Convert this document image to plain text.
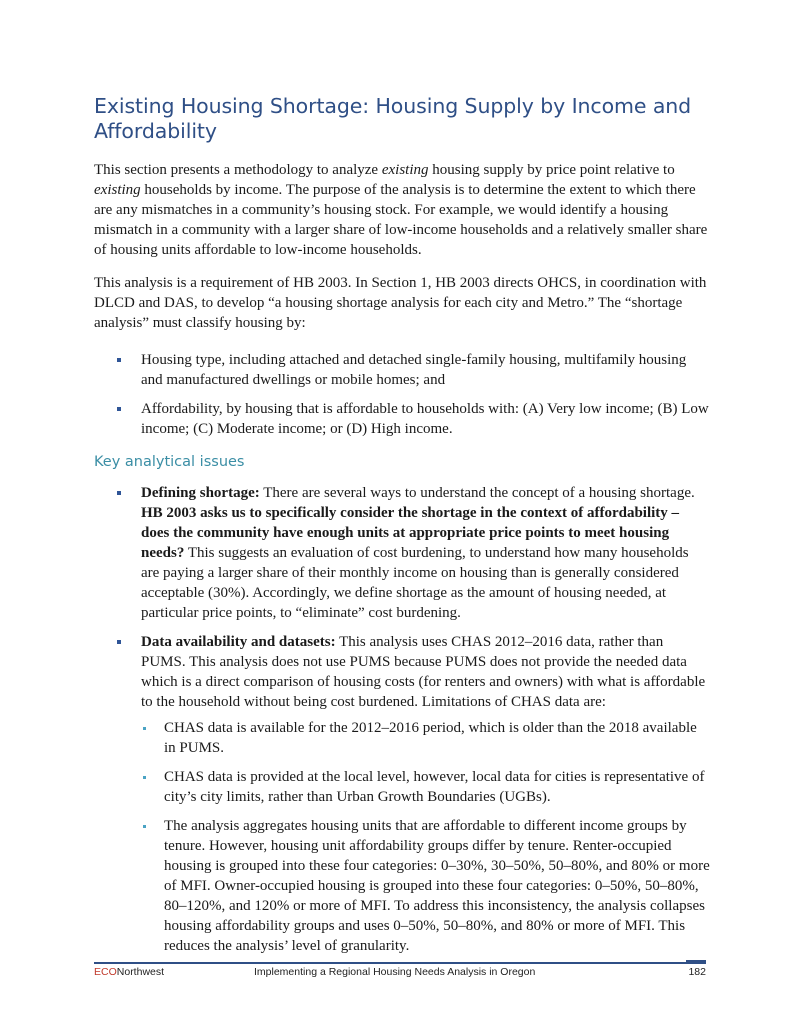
Existing Housing Shortage: Housing Supply by Income and Affordability

This section presents a methodology to analyze existing housing supply by price point relative to existing households by income. The purpose of the analysis is to determine the extent to which there are any mismatches in a community’s housing stock. For example, we would identify a housing mismatch in a community with a larger share of low-income households and a relatively smaller share of housing units affordable to low-income households.

This analysis is a requirement of HB 2003. In Section 1, HB 2003 directs OHCS, in coordination with DLCD and DAS, to develop “a housing shortage analysis for each city and Metro.” The “shortage analysis” must classify housing by:

Housing type, including attached and detached single-family housing, multifamily housing and manufactured dwellings or mobile homes; and
Affordability, by housing that is affordable to households with: (A) Very low income; (B) Low income; (C) Moderate income; or (D) High income.
Key analytical issues
Defining shortage: There are several ways to understand the concept of a housing shortage. HB 2003 asks us to specifically consider the shortage in the context of affordability – does the community have enough units at appropriate price points to meet housing needs? This suggests an evaluation of cost burdening, to understand how many households are paying a larger share of their monthly income on housing than is generally considered acceptable (30%). Accordingly, we define shortage as the amount of housing needed, at particular price points, to “eliminate” cost burdening.
Data availability and datasets: This analysis uses CHAS 2012–2016 data, rather than PUMS. This analysis does not use PUMS because PUMS does not provide the needed data which is a direct comparison of housing costs (for renters and owners) with what is affordable to the household without being cost burdened. Limitations of CHAS data are:
CHAS data is available for the 2012–2016 period, which is older than the 2018 available in PUMS.
CHAS data is provided at the local level, however, local data for cities is representative of city’s city limits, rather than Urban Growth Boundaries (UGBs).
The analysis aggregates housing units that are affordable to different income groups by tenure. However, housing unit affordability groups differ by tenure. Renter-occupied housing is grouped into these four categories: 0–30%, 30–50%, 50–80%, and 80% or more of MFI. Owner-occupied housing is grouped into these four categories: 0–50%, 50–80%, 80–120%, and 120% or more of MFI. To address this inconsistency, the analysis collapses housing affordability groups and uses 0–50%, 50–80%, and 80% or more of MFI. This reduces the analysis’ level of granularity.
ECONorthwest	Implementing a Regional Housing Needs Analysis in Oregon	182
